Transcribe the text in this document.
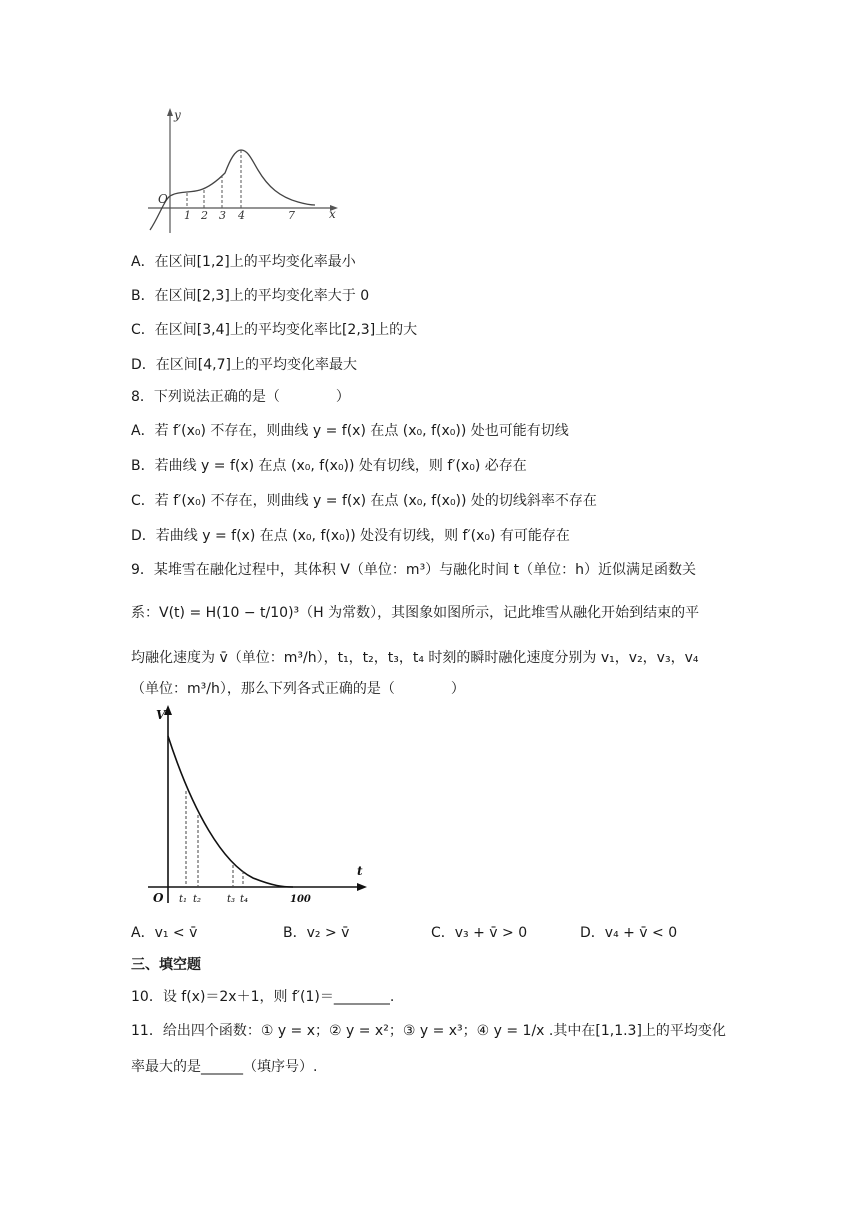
y
x
O
1 2 3 4	7
A．在区间[1,2]上的平均变化率最小
B．在区间[2,3]上的平均变化率大于 0
C．在区间[3,4]上的平均变化率比[2,3]上的大
D．在区间[4,7]上的平均变化率最大
8．下列说法正确的是（　　　　）
A．若 f′(x₀) 不存在，则曲线 y = f(x) 在点 (x₀, f(x₀)) 处也可能有切线
B．若曲线 y = f(x) 在点 (x₀, f(x₀)) 处有切线，则 f′(x₀) 必存在
C．若 f′(x₀) 不存在，则曲线 y = f(x) 在点 (x₀, f(x₀)) 处的切线斜率不存在
D．若曲线 y = f(x) 在点 (x₀, f(x₀)) 处没有切线，则 f′(x₀) 有可能存在
9．某堆雪在融化过程中，其体积 V（单位：m³）与融化时间 t（单位：h）近似满足函数关
系：V(t) = H(10 − t/10)³（H 为常数），其图象如图所示，记此堆雪从融化开始到结束的平
均融化速度为 v̄（单位：m³/h），t₁，t₂，t₃，t₄ 时刻的瞬时融化速度分别为 v₁，v₂，v₃，v₄
（单位：m³/h），那么下列各式正确的是（　　　　）
V
t
O t₁ t₂	t₃ t₄	100
A．v₁ < v̄	B．v₂ > v̄	C．v₃ + v̄ > 0	D．v₄ + v̄ < 0
三、填空题
10．设 f(x)＝2x＋1，则 f′(1)＝________.
11．给出四个函数：① y = x；② y = x²；③ y = x³；④ y = 1/x .其中在[1,1.3]上的平均变化
率最大的是______（填序号）.
